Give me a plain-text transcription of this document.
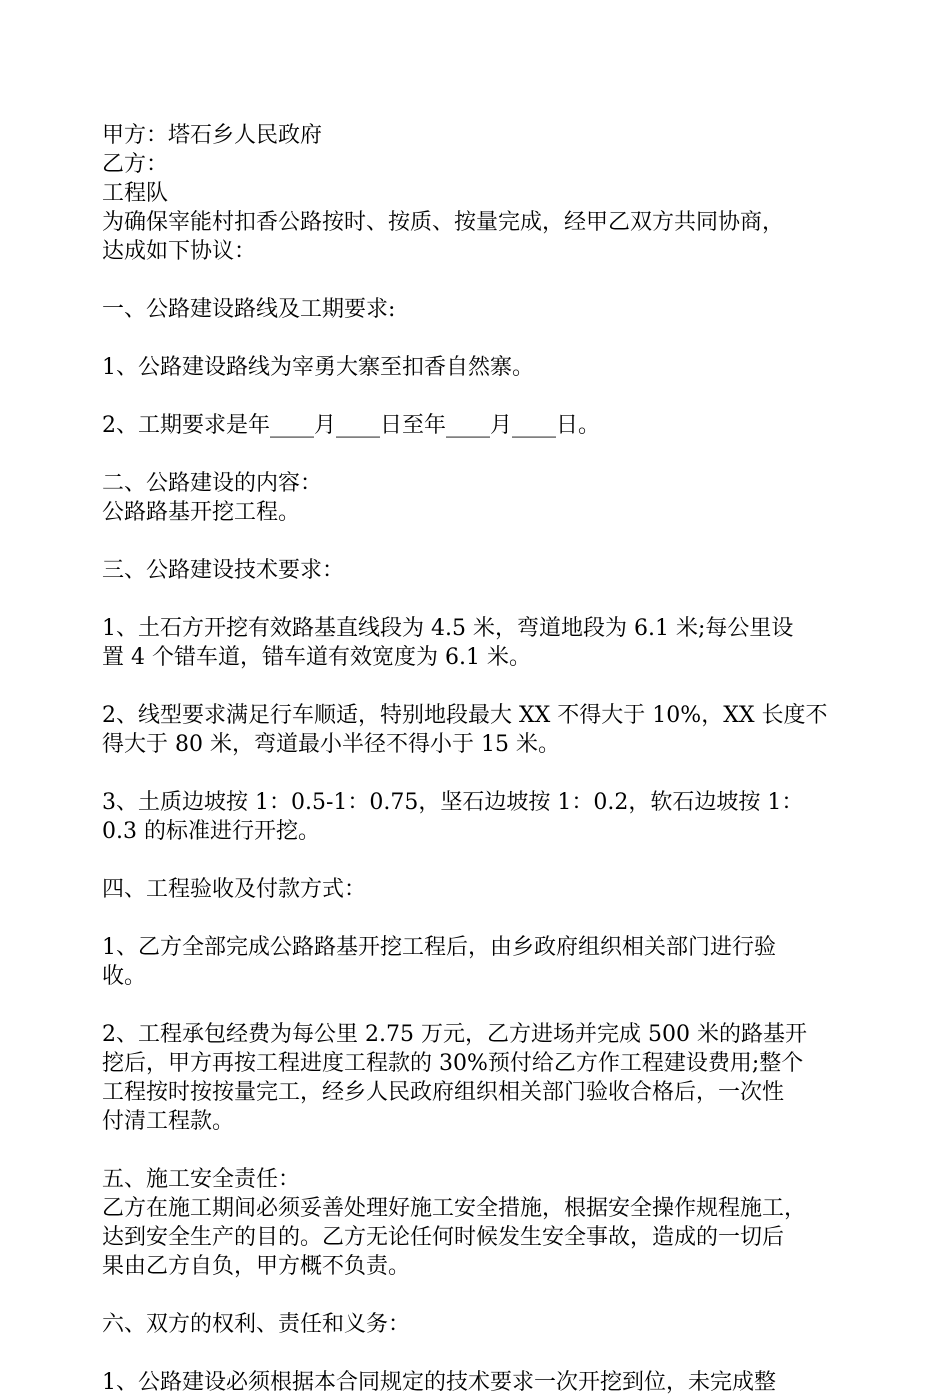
甲方：塔石乡人民政府

乙方：

工程队

为确保宰能村扣香公路按时、按质、按量完成，经甲乙双方共同协商，

达成如下协议：

一、公路建设路线及工期要求:

1、公路建设路线为宰勇大寨至扣香自然寨。

2、工期要求是年____月____日至年____月____日。

二、公路建设的内容：

公路路基开挖工程。

三、公路建设技术要求：

1、土石方开挖有效路基直线段为 4.5 米，弯道地段为 6.1 米;每公里设

置 4 个错车道，错车道有效宽度为 6.1 米。

2、线型要求满足行车顺适，特别地段最大 XX 不得大于 10%，XX 长度不

得大于 80 米，弯道最小半径不得小于 15 米。

3、土质边坡按 1：0.5-1：0.75，坚石边坡按 1：0.2，软石边坡按 1：

0.3 的标准进行开挖。

四、工程验收及付款方式：

1、乙方全部完成公路路基开挖工程后，由乡政府组织相关部门进行验

收。

2、工程承包经费为每公里 2.75 万元，乙方进场并完成 500 米的路基开

挖后，甲方再按工程进度工程款的 30%预付给乙方作工程建设费用;整个

工程按时按按量完工，经乡人民政府组织相关部门验收合格后，一次性

付清工程款。

五、施工安全责任：

乙方在施工期间必须妥善处理好施工安全措施，根据安全操作规程施工，

达到安全生产的目的。乙方无论任何时候发生安全事故，造成的一切后

果由乙方自负，甲方概不负责。

六、双方的权利、责任和义务：

1、公路建设必须根据本合同规定的技术要求一次开挖到位，未完成整
